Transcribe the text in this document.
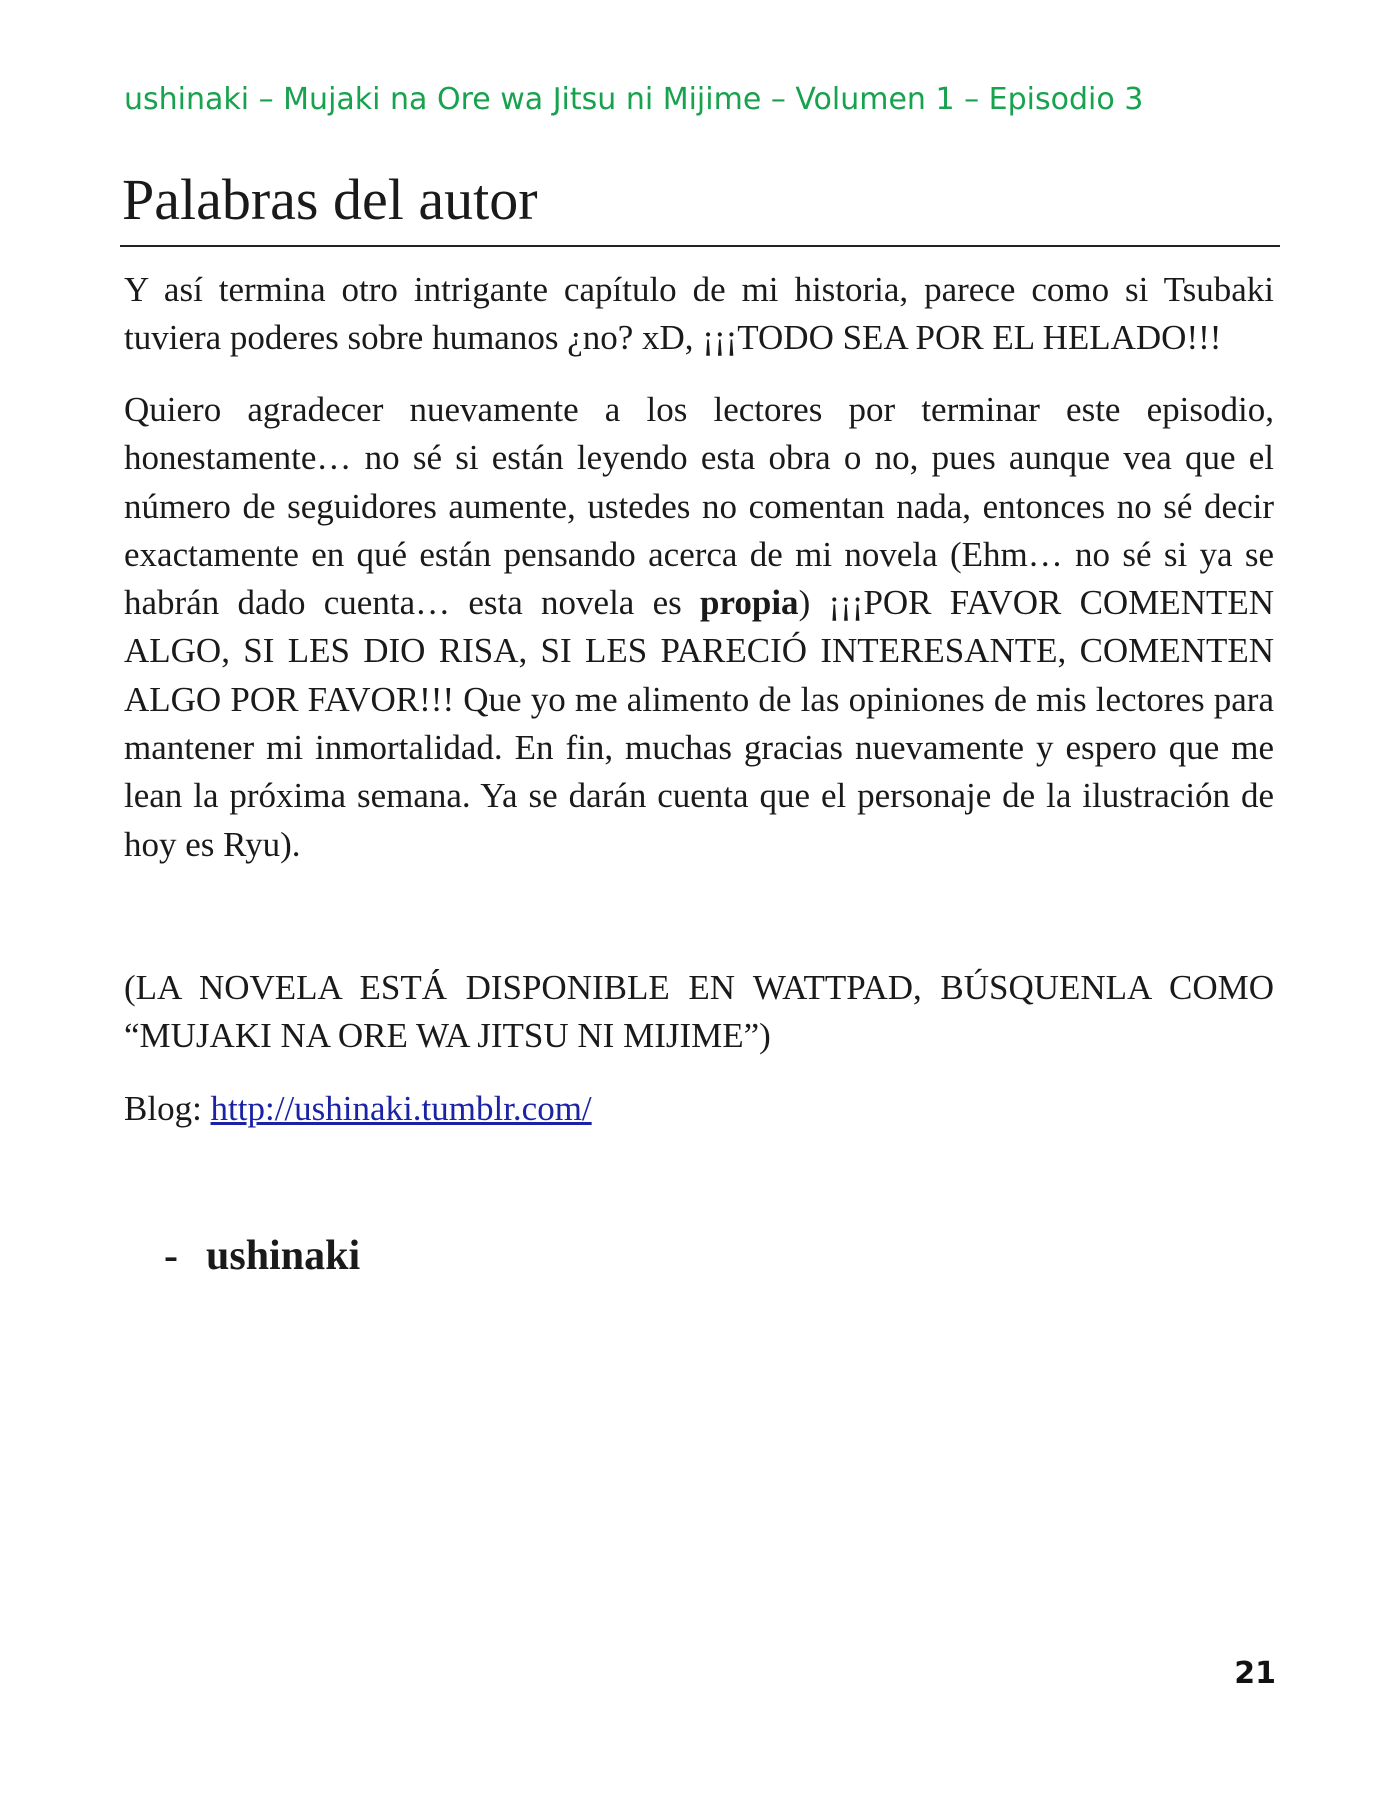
ushinaki – Mujaki na Ore wa Jitsu ni Mijime – Volumen 1 – Episodio 3
Palabras del autor

Y así termina otro intrigante capítulo de mi historia, parece como si Tsubaki tuviera poderes sobre humanos ¿no? xD, ¡¡¡TODO SEA POR EL HELADO!!!

Quiero agradecer nuevamente a los lectores por terminar este episodio, honestamente… no sé si están leyendo esta obra o no, pues aunque vea que el número de seguidores aumente, ustedes no comentan nada, entonces no sé decir exactamente en qué están pensando acerca de mi novela (Ehm… no sé si ya se habrán dado cuenta… esta novela es propia) ¡¡¡POR FAVOR COMENTEN ALGO, SI LES DIO RISA, SI LES PARECIÓ INTERESANTE, COMENTEN ALGO POR FAVOR!!! Que yo me alimento de las opiniones de mis lectores para mantener mi inmortalidad. En fin, muchas gracias nuevamente y espero que me lean la próxima semana. Ya se darán cuenta que el personaje de la ilustración de hoy es Ryu).

(LA NOVELA ESTÁ DISPONIBLE EN WATTPAD, BÚSQUENLA COMO “MUJAKI NA ORE WA JITSU NI MIJIME”)

Blog: http://ushinaki.tumblr.com/

- ushinaki
21
